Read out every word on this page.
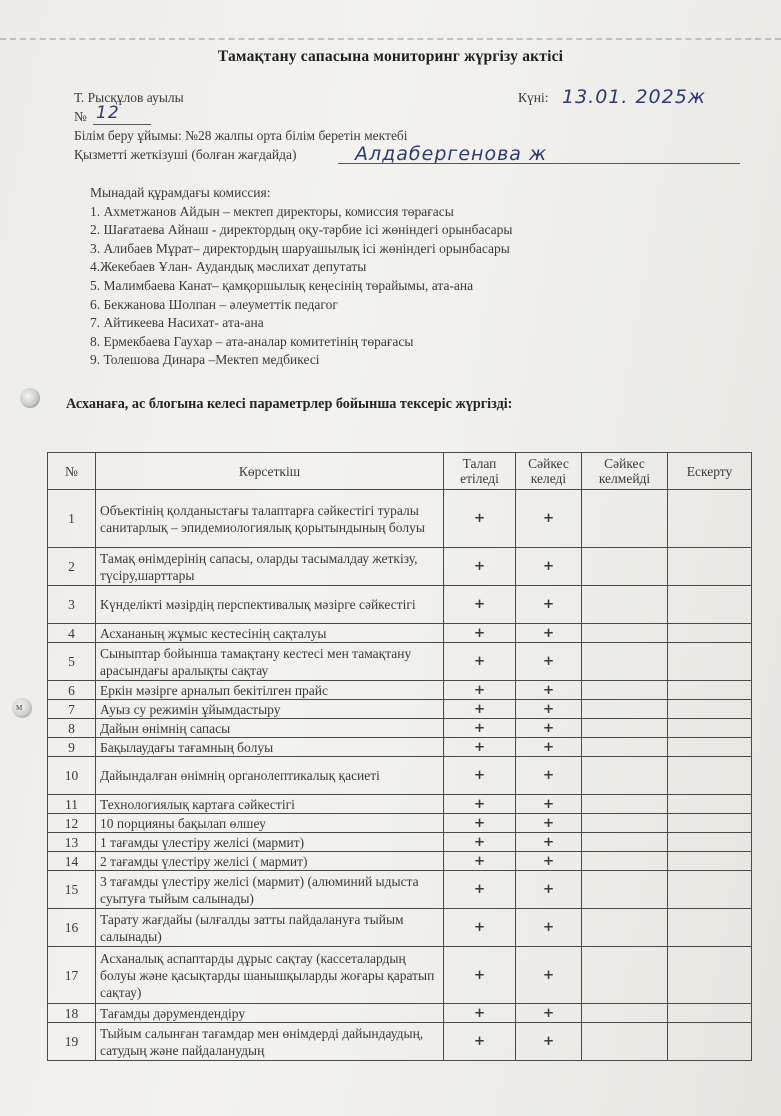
Тамақтану сапасына мониторинг жүргізу актісі
Т. Рысқұлов ауылы	Күні: 13.01. 2025ж
№ 12
Білім беру ұйымы: №28 жалпы орта білім беретін мектебі
Қызметті жеткізуші (болған жағдайда)	Алдабергенова ж
Мынадай құрамдағы комиссия:
1. Ахметжанов Айдын – мектеп директоры, комиссия төрағасы
2. Шағатаева Айнаш - директордың оқу-тәрбие ісі жөніндегі орынбасары
3. Алибаев Мұрат– директордың шаруашылық ісі жөніндегі орынбасары
4.Жекебаев Ұлан- Аудандық мәслихат депутаты
5. Малимбаева Канат– қамқоршылық кеңесінің төрайымы, ата-ана
6. Бекжанова Шолпан – әлеуметтік педагог
7. Айтикеева Насихат- ата-ана
8. Ермекбаева Гаухар – ата-аналар комитетінің төрағасы
9. Толешова Динара –Мектеп медбикесі
м
Асханаға, ас блогына келесі параметрлер бойынша тексеріс жүргізді:
№	Көрсеткіш	Талап етіледі	Сәйкес келеді	Сәйкес келмейді	Ескерту
1	Объектінің қолданыстағы талаптарға сәйкестігі туралы санитарлық – эпидемиологиялық қорытындының болуы	+	+		
2	Тамақ өнімдерінің сапасы, оларды тасымалдау жеткізу, түсіру,шарттары	+	+		
3	Күнделікті мәзірдің перспективалық мәзірге сәйкестігі	+	+		
4	Асхананың жұмыс кестесінің сақталуы	+	+		
5	Сыныптар бойынша тамақтану кестесі мен тамақтану арасындағы аралықты сақтау	+	+		
6	Еркін мәзірге арналып бекітілген прайс	+	+		
7	Ауыз су режимін ұйымдастыру	+	+		
8	Дайын өнімнің сапасы	+	+		
9	Бақылаудағы тағамның болуы	+	+		
10	Дайындалған өнімнің органолептикалық қасиеті	+	+		
11	Технологиялық картаға сәйкестігі	+	+		
12	10 порцияны бақылап өлшеу	+	+		
13	1 тағамды үлестіру желісі (мармит)	+	+		
14	2 тағамды үлестіру желісі ( мармит)	+	+		
15	3 тағамды үлестіру желісі (мармит) (алюминий ыдыста суытуға тыйым салынады)	+	+		
16	Тарату жағдайы (ылғалды затты пайдалануға тыйым салынады)	+	+		
17	Асханалық аспаптарды дұрыс сақтау (кассеталардың болуы және қасықтарды шанышқыларды жоғары қаратып сақтау)	+	+		
18	Тағамды дәрумендендіру	+	+		
19	Тыйым салынған тағамдар мен өнімдерді дайындаудың, сатудың және пайдаланудың	+	+		
